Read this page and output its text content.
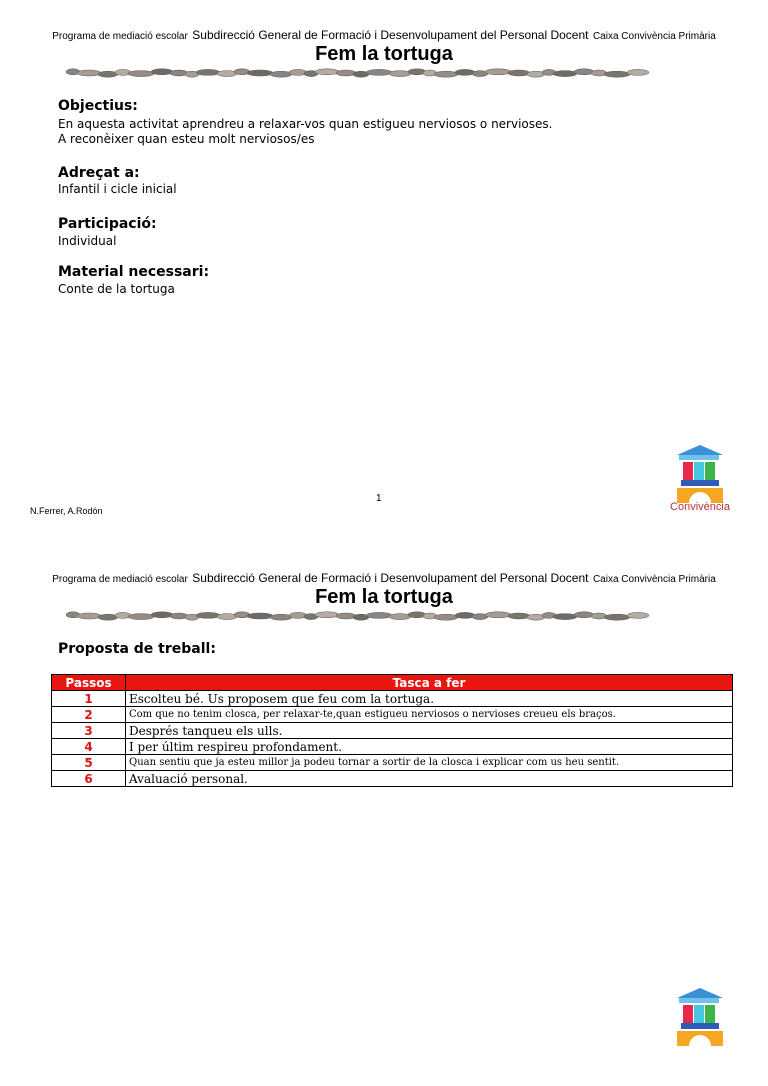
Programa de mediació escolar Subdirecció General de Formació i Desenvolupament del Personal Docent Caixa Convivència Primària
Fem la tortuga
Objectius:
En aquesta activitat aprendreu a relaxar-vos quan estigueu nerviosos o nervioses.
A reconèixer quan esteu molt nerviosos/es
Adreçat a:
Infantil i cicle inicial
Participació:
Individual
Material necessari:
Conte de la tortuga
1
N.Ferrer, A.Rodón	Convivència
Programa de mediació escolar Subdirecció General de Formació i Desenvolupament del Personal Docent Caixa Convivència Primària
Fem la tortuga
Proposta de treball:
Passos	Tasca a fer
1	Escolteu bé. Us proposem que feu com la tortuga.
2	Com que no tenim closca, per relaxar-te,quan estigueu nerviosos o nervioses creueu els braços.
3	Després tanqueu els ulls.
4	I per últim respireu profondament.
5	Quan sentiu que ja esteu millor ja podeu tornar a sortir de la closca i explicar com us heu sentit.
6	Avaluació personal.
